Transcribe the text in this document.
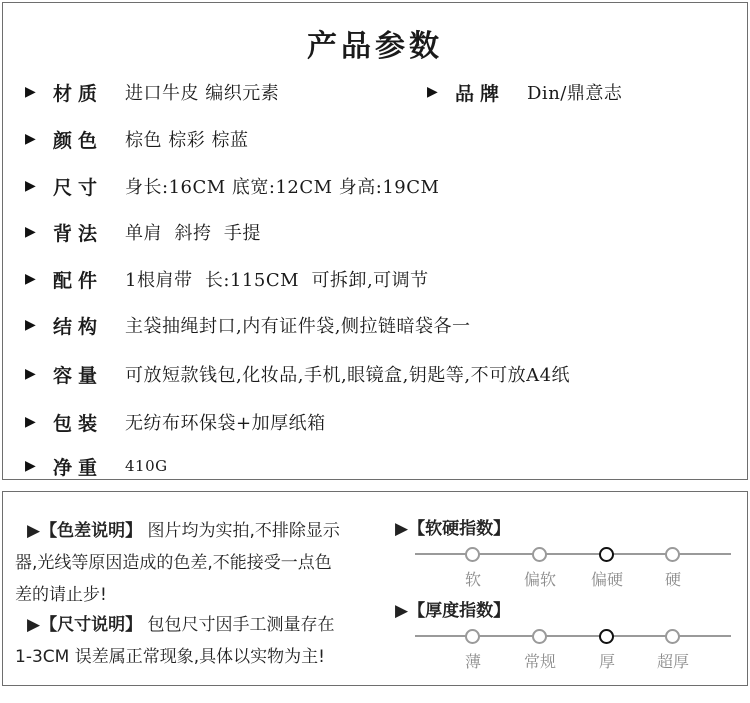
产品参数
▶ 材质	进口牛皮 编织元素	▶ 品牌	Din/鼎意志
▶ 颜色	棕色 棕彩 棕蓝
▶ 尺寸	身长:16CM 底宽:12CM 身高:19CM
▶ 背法	单肩  斜挎  手提
▶ 配件	1根肩带  长:115CM  可拆卸,可调节
▶ 结构	主袋抽绳封口,内有证件袋,侧拉链暗袋各一
▶ 容量	可放短款钱包,化妆品,手机,眼镜盒,钥匙等,不可放A4纸
▶ 包装	无纺布环保袋+加厚纸箱
▶ 净重	410G
▶【色差说明】 图片均为实拍,不排除显示
器,光线等原因造成的色差,不能接受一点色
差的请止步!
▶【尺寸说明】 包包尺寸因手工测量存在
1-3CM 误差属正常现象,具体以实物为主!
▶【软硬指数】
软	偏软	偏硬	硬
▶【厚度指数】
薄	常规	厚	超厚
